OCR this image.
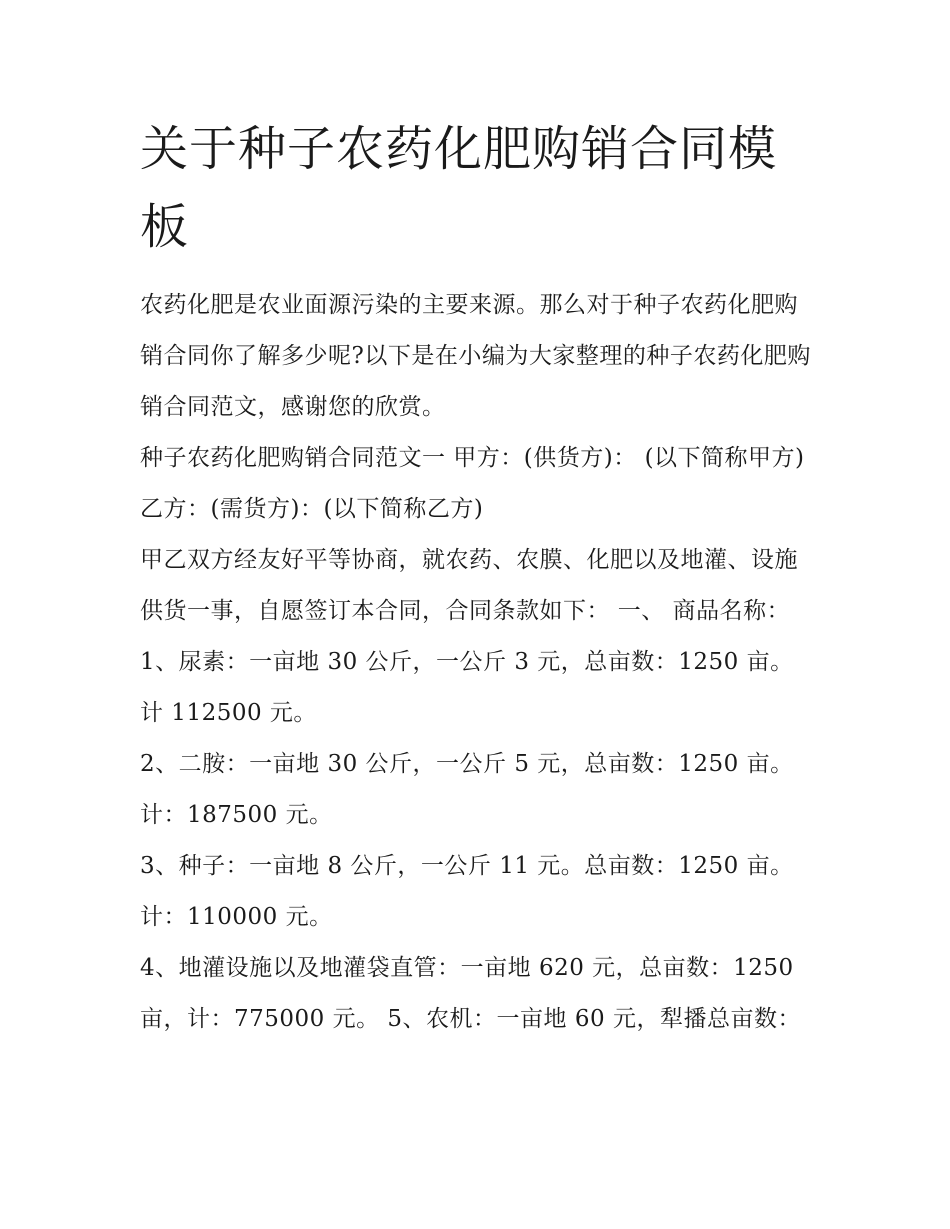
关于种子农药化肥购销合同模板

农药化肥是农业面源污染的主要来源。那么对于种子农药化肥购销合同你了解多少呢?以下是在小编为大家整理的种子农药化肥购销合同范文，感谢您的欣赏。

种子农药化肥购销合同范文一 甲方：(供货方)： (以下简称甲方) 乙方：(需货方)：(以下简称乙方)

甲乙双方经友好平等协商，就农药、农膜、化肥以及地灌、设施供货一事，自愿签订本合同，合同条款如下： 一、 商品名称：

1、尿素：一亩地 30 公斤，一公斤 3 元，总亩数：1250 亩。 计 112500 元。

2、二胺：一亩地 30 公斤，一公斤 5 元，总亩数：1250 亩。 计：187500 元。

3、种子：一亩地 8 公斤，一公斤 11 元。总亩数：1250 亩。 计：110000 元。

4、地灌设施以及地灌袋直管：一亩地 620 元，总亩数：1250 亩，计：775000 元。 5、农机：一亩地 60 元，犁播总亩数：
